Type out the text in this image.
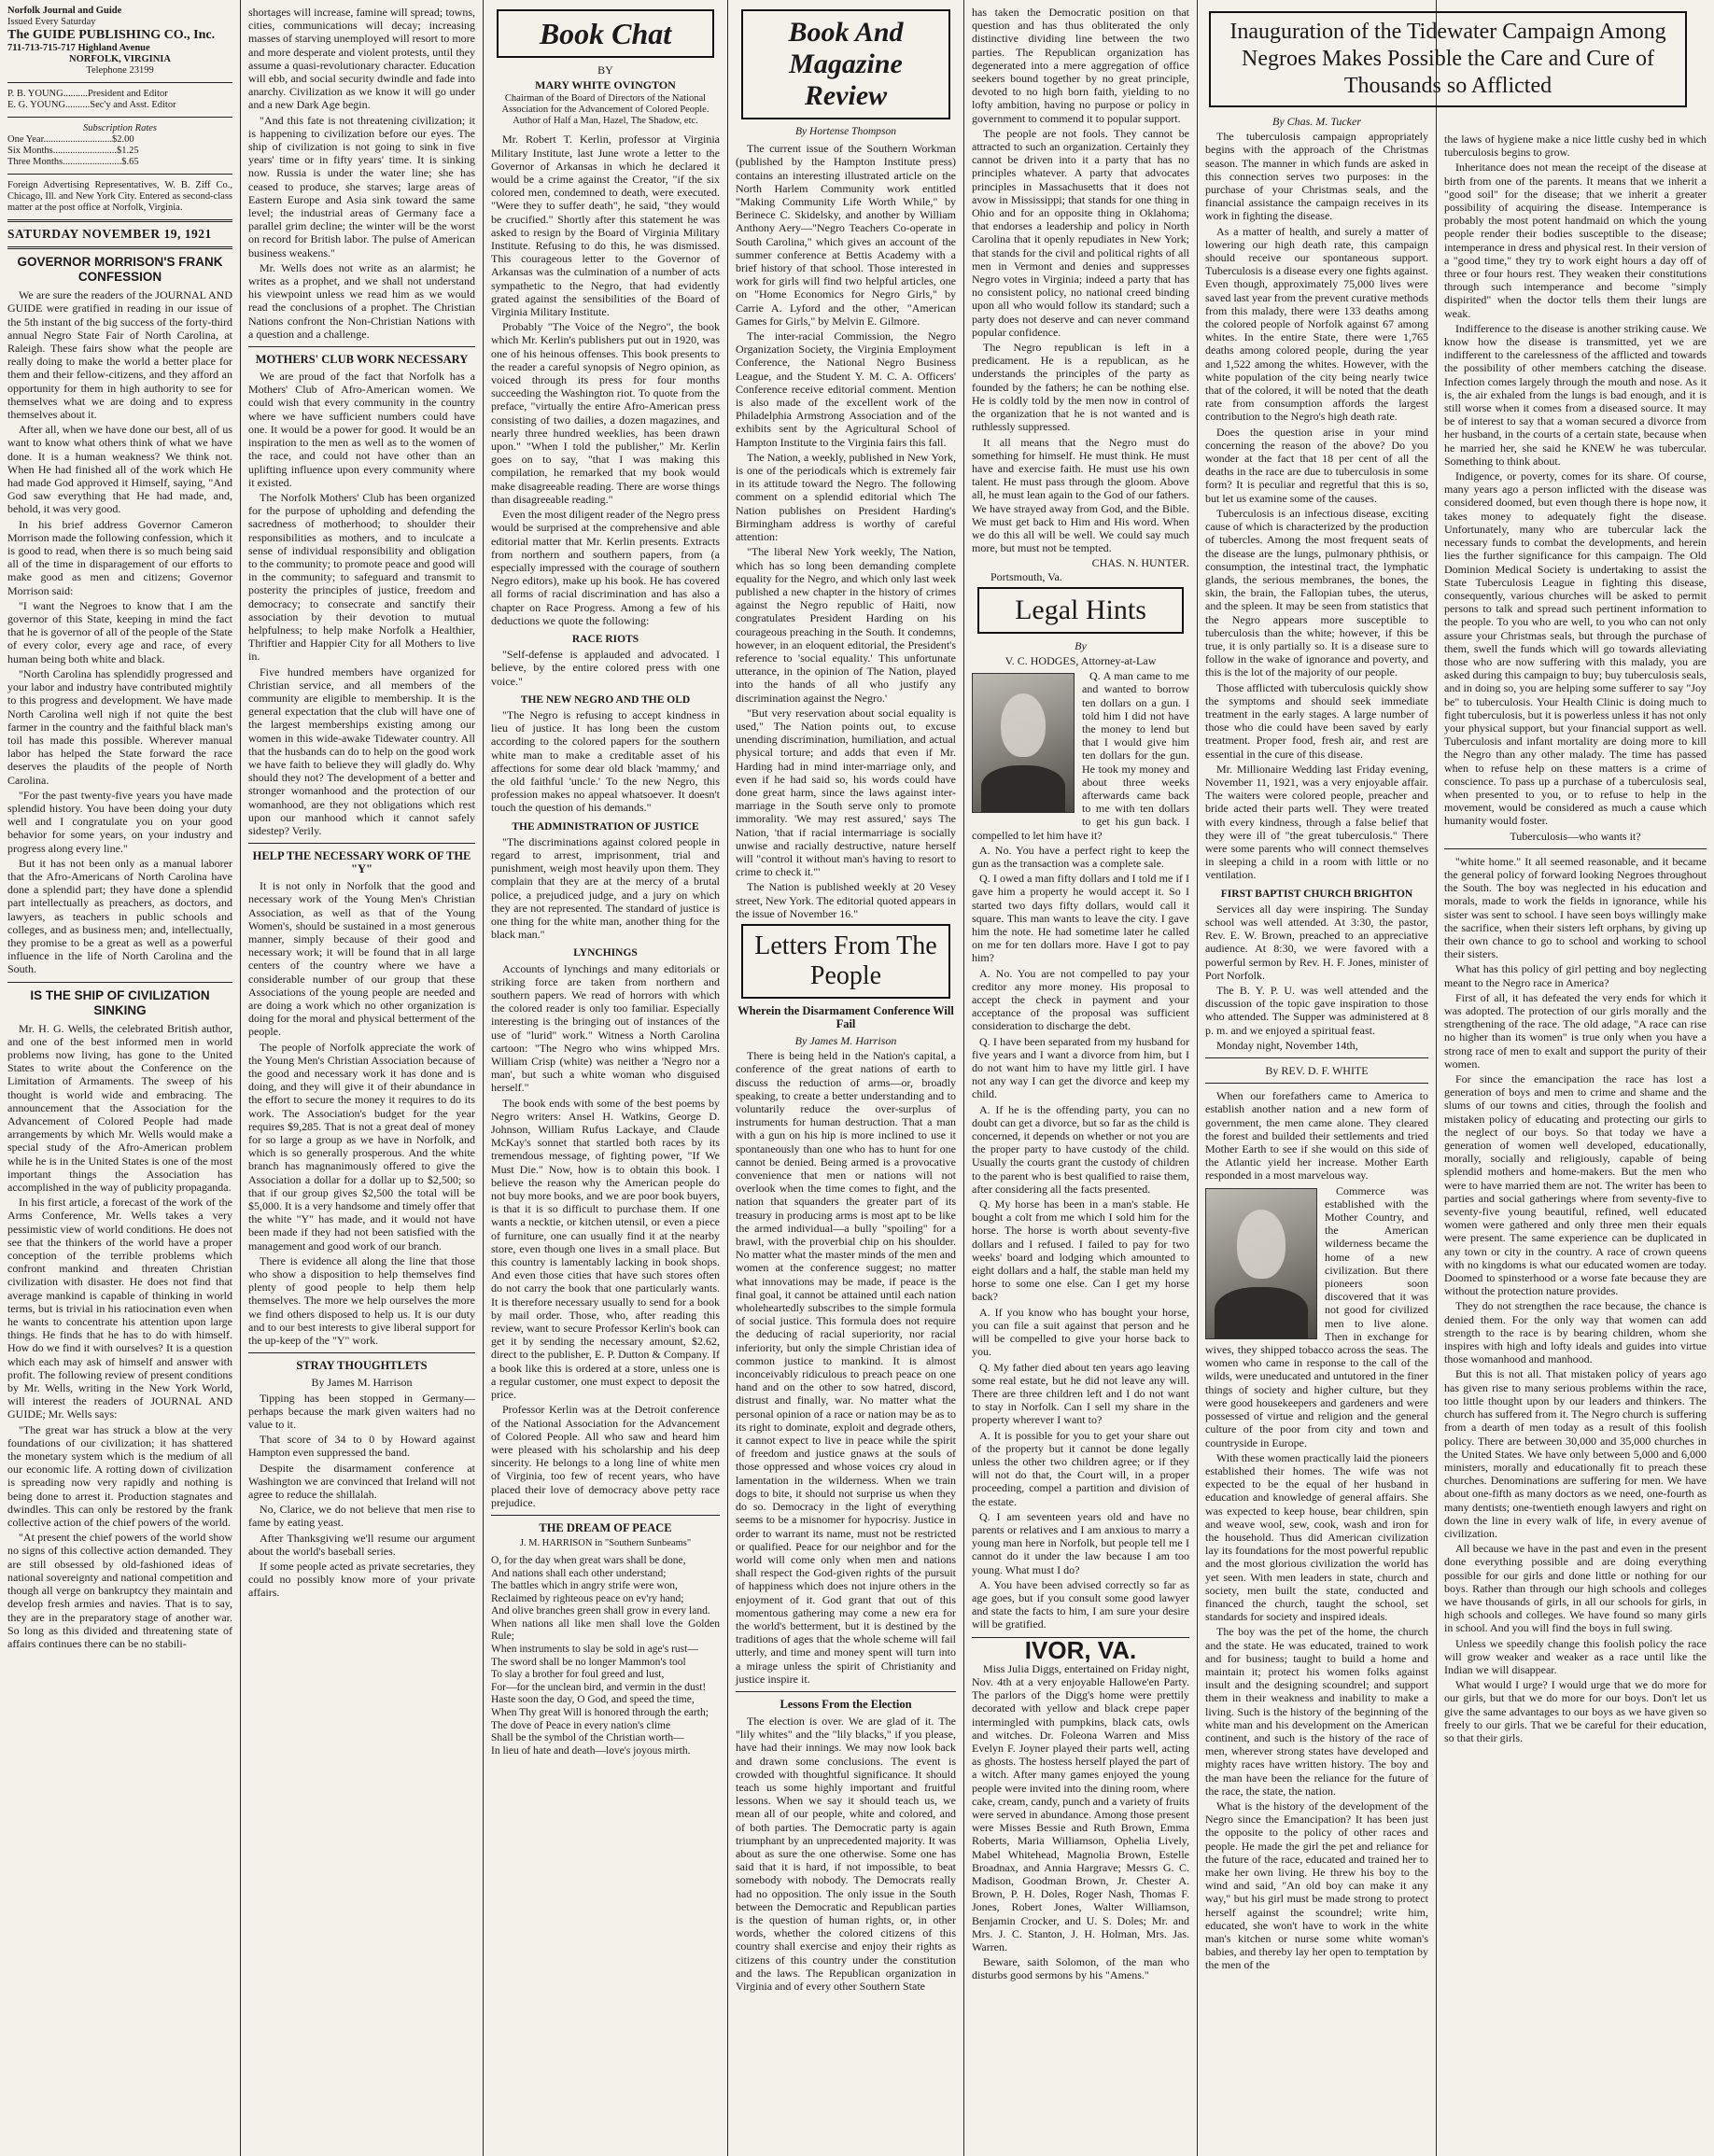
Norfolk Journal and Guide
Issued Every Saturday
The GUIDE PUBLISHING CO., Inc.
711-713-715-717 Highland Avenue
NORFOLK, VIRGINIA
Telephone 23199
P. B. YOUNG..........President and Editor
E. G. YOUNG..........Sec'y and Asst. Editor
Subscription Rates
One Year............................$2.00
Six Months..........................$1.25
Three Months........................$.65
Foreign Advertising Representatives, W. B. Ziff Co., Chicago, Ill. and New York City. Entered as second-class matter at the post office at Norfolk, Virginia.
SATURDAY NOVEMBER 19, 1921
GOVERNOR MORRISON'S FRANK CONFESSION

We are sure the readers of the JOURNAL AND GUIDE were gratified in reading in our issue of the 5th instant of the big success of the forty-third annual Negro State Fair of North Carolina, at Raleigh. These fairs show what the people are really doing to make the world a better place for them and their fellow-citizens, and they afford an opportunity for them in high authority to see for themselves what we are doing and to express themselves about it.

After all, when we have done our best, all of us want to know what others think of what we have done. It is a human weakness? We think not. When He had finished all of the work which He had made God approved it Himself, saying, "And God saw everything that He had made, and, behold, it was very good.

In his brief address Governor Cameron Morrison made the following confession, which it is good to read, when there is so much being said all of the time in disparagement of our efforts to make good as men and citizens; Governor Morrison said:

"I want the Negroes to know that I am the governor of this State, keeping in mind the fact that he is governor of all of the people of the State of every color, every age and race, of every human being both white and black.

"North Carolina has splendidly progressed and your labor and industry have contributed mightily to this progress and development. We have made North Carolina well nigh if not quite the best farmer in the country and the faithful black man's toil has made this possible. Wherever manual labor has helped the State forward the race deserves the plaudits of the people of North Carolina.

"For the past twenty-five years you have made splendid history. You have been doing your duty well and I congratulate you on your good behavior for some years, on your industry and progress along every line."

But it has not been only as a manual laborer that the Afro-Americans of North Carolina have done a splendid part; they have done a splendid part intellectually as preachers, as doctors, and lawyers, as teachers in public schools and colleges, and as business men; and, intellectually, they promise to be a great as well as a powerful influence in the life of North Carolina and the South.

IS THE SHIP OF CIVILIZATION SINKING

Mr. H. G. Wells, the celebrated British author, and one of the best informed men in world problems now living, has gone to the United States to write about the Conference on the Limitation of Armaments. The sweep of his thought is world wide and embracing. The announcement that the Association for the Advancement of Colored People had made arrangements by which Mr. Wells would make a special study of the Afro-American problem while he is in the United States is one of the most important things the Association has accomplished in the way of publicity propaganda.

In his first article, a forecast of the work of the Arms Conference, Mr. Wells takes a very pessimistic view of world conditions. He does not see that the thinkers of the world have a proper conception of the terrible problems which confront mankind and threaten Christian civilization with disaster. He does not find that average mankind is capable of thinking in world terms, but is trivial in his ratiocination even when he wants to concentrate his attention upon large things. He finds that he has to do with himself. How do we find it with ourselves? It is a question which each may ask of himself and answer with profit. The following review of present conditions by Mr. Wells, writing in the New York World, will interest the readers of JOURNAL AND GUIDE; Mr. Wells says:

"The great war has struck a blow at the very foundations of our civilization; it has shattered the monetary system which is the medium of all our economic life. A rotting down of civilization is spreading now very rapidly and nothing is being done to arrest it. Production stagnates and dwindles. This can only be restored by the frank collective action of the chief powers of the world.

"At present the chief powers of the world show no signs of this collective action demanded. They are still obsessed by old-fashioned ideas of national sovereignty and national competition and though all verge on bankruptcy they maintain and develop fresh armies and navies. That is to say, they are in the preparatory stage of another war. So long as this divided and threatening state of affairs continues there can be no stabili-

shortages will increase, famine will spread; towns, cities, communications will decay; increasing masses of starving unemployed will resort to more and more desperate and violent protests, until they assume a quasi-revolutionary character. Education will ebb, and social security dwindle and fade into anarchy. Civilization as we know it will go under and a new Dark Age begin.

"And this fate is not threatening civilization; it is happening to civilization before our eyes. The ship of civilization is not going to sink in five years' time or in fifty years' time. It is sinking now. Russia is under the water line; she has ceased to produce, she starves; large areas of Eastern Europe and Asia sink toward the same level; the industrial areas of Germany face a parallel grim decline; the winter will be the worst on record for British labor. The pulse of American business weakens."

Mr. Wells does not write as an alarmist; he writes as a prophet, and we shall not understand his viewpoint unless we read him as we would read the conclusions of a prophet. The Christian Nations confront the Non-Christian Nations with a question and a challenge.

MOTHERS' CLUB WORK NECESSARY

We are proud of the fact that Norfolk has a Mothers' Club of Afro-American women. We could wish that every community in the country where we have sufficient numbers could have one. It would be a power for good. It would be an inspiration to the men as well as to the women of the race, and could not have other than an uplifting influence upon every community where it existed.

The Norfolk Mothers' Club has been organized for the purpose of upholding and defending the sacredness of motherhood; to shoulder their responsibilities as mothers, and to inculcate a sense of individual responsibility and obligation to the community; to promote peace and good will in the community; to safeguard and transmit to posterity the principles of justice, freedom and democracy; to consecrate and sanctify their association by their devotion to mutual helpfulness; to help make Norfolk a Healthier, Thriftier and Happier City for all Mothers to live in.

Five hundred members have organized for Christian service, and all members of the community are eligible to membership. It is the general expectation that the club will have one of the largest memberships existing among our women in this wide-awake Tidewater country. All that the husbands can do to help on the good work we have faith to believe they will gladly do. Why should they not? The development of a better and stronger womanhood and the protection of our womanhood, are they not obligations which rest upon our manhood which it cannot safely sidestep? Verily.

HELP THE NECESSARY WORK OF THE "Y"

It is not only in Norfolk that the good and necessary work of the Young Men's Christian Association, as well as that of the Young Women's, should be sustained in a most generous manner, simply because of their good and necessary work; it will be found that in all large centers of the country where we have a considerable number of our group that these Associations of the young people are needed and are doing a work which no other organization is doing for the moral and physical betterment of the people.

The people of Norfolk appreciate the work of the Young Men's Christian Association because of the good and necessary work it has done and is doing, and they will give it of their abundance in the effort to secure the money it requires to do its work. The Association's budget for the year requires $9,285. That is not a great deal of money for so large a group as we have in Norfolk, and which is so generally prosperous. And the white branch has magnanimously offered to give the Association a dollar for a dollar up to $2,500; so that if our group gives $2,500 the total will be $5,000. It is a very handsome and timely offer that the white "Y" has made, and it would not have been made if they had not been satisfied with the management and good work of our branch.

There is evidence all along the line that those who show a disposition to help themselves find plenty of good people to help them help themselves. The more we help ourselves the more we find others disposed to help us. It is our duty and to our best interests to give liberal support for the up-keep of the "Y" work.

STRAY THOUGHTLETS
By James M. Harrison

Tipping has been stopped in Germany—perhaps because the mark given waiters had no value to it.

That score of 34 to 0 by Howard against Hampton even suppressed the band.

Despite the disarmament conference at Washington we are convinced that Ireland will not agree to reduce the shillalah.

No, Clarice, we do not believe that men rise to fame by eating yeast.

After Thanksgiving we'll resume our argument about the world's baseball series.

If some people acted as private secretaries, they could no possibly know more of your private affairs.

Book Chat
BY
MARY WHITE OVINGTON
Chairman of the Board of Directors of the National Association for the Advancement of Colored People. Author of Half a Man, Hazel, The Shadow, etc.

Mr. Robert T. Kerlin, professor at Virginia Military Institute, last June wrote a letter to the Governor of Arkansas in which he declared it would be a crime against the Creator, "if the six colored men, condemned to death, were executed. "Were they to suffer death", he said, "they would be crucified." Shortly after this statement he was asked to resign by the Board of Virginia Military Institute. Refusing to do this, he was dismissed. This courageous letter to the Governor of Arkansas was the culmination of a number of acts sympathetic to the Negro, that had evidently grated against the sensibilities of the Board of Virginia Military Institute.

Probably "The Voice of the Negro", the book which Mr. Kerlin's publishers put out in 1920, was one of his heinous offenses. This book presents to the reader a careful synopsis of Negro opinion, as voiced through its press for four months succeeding the Washington riot. To quote from the preface, "virtually the entire Afro-American press consisting of two dailies, a dozen magazines, and nearly three hundred weeklies, has been drawn upon." "When I told the publisher," Mr. Kerlin goes on to say, "that I was making this compilation, he remarked that my book would make disagreeable reading. There are worse things than disagreeable reading."

Even the most diligent reader of the Negro press would be surprised at the comprehensive and able editorial matter that Mr. Kerlin presents. Extracts from northern and southern papers, from (a especially impressed with the courage of southern Negro editors), make up his book. He has covered all forms of racial discrimination and has also a chapter on Race Progress. Among a few of his deductions we quote the following:

RACE RIOTS

"Self-defense is applauded and advocated. I believe, by the entire colored press with one voice."

THE NEW NEGRO AND THE OLD

"The Negro is refusing to accept kindness in lieu of justice. It has long been the custom according to the colored papers for the southern white man to make a creditable asset of his affections for some dear old black 'mammy,' and the old faithful 'uncle.' To the new Negro, this profession makes no appeal whatsoever. It doesn't touch the question of his demands."

THE ADMINISTRATION OF JUSTICE

"The discriminations against colored people in regard to arrest, imprisonment, trial and punishment, weigh most heavily upon them. They complain that they are at the mercy of a brutal police, a prejudiced judge, and a jury on which they are not represented. The standard of justice is one thing for the white man, another thing for the black man."

LYNCHINGS

Accounts of lynchings and many editorials or striking force are taken from northern and southern papers. We read of horrors with which the colored reader is only too familiar. Especially interesting is the bringing out of instances of the use of "lurid" work." Witness a North Carolina cartoon: "The Negro who wins whipped Mrs. William Crisp (white) was neither a 'Negro nor a man', but such a white woman who disguised herself."

The book ends with some of the best poems by Negro writers: Ansel H. Watkins, George D. Johnson, William Rufus Lackaye, and Claude McKay's sonnet that startled both races by its tremendous message, of fighting power, "If We Must Die." Now, how is to obtain this book. I believe the reason why the American people do not buy more books, and we are poor book buyers, is that it is so difficult to purchase them. If one wants a necktie, or kitchen utensil, or even a piece of furniture, one can usually find it at the nearby store, even though one lives in a small place. But this country is lamentably lacking in book shops. And even those cities that have such stores often do not carry the book that one particularly wants. It is therefore necessary usually to send for a book by mail order. Those, who, after reading this review, want to secure Professor Kerlin's book can get it by sending the necessary amount, $2.62, direct to the publisher, E. P. Dutton & Company. If a book like this is ordered at a store, unless one is a regular customer, one must expect to deposit the price.

Professor Kerlin was at the Detroit conference of the National Association for the Advancement of Colored People. All who saw and heard him were pleased with his scholarship and his deep sincerity. He belongs to a long line of white men of Virginia, too few of recent years, who have placed their love of democracy above petty race prejudice.

THE DREAM OF PEACE
J. M. HARRISON in "Southern Sunbeams"
O, for the day when great wars shall be done,
And nations shall each other understand;
The battles which in angry strife were won,
Reclaimed by righteous peace on ev'ry hand;
And olive branches green shall grow in every land.
When nations all like men shall love the Golden Rule;
When instruments to slay be sold in age's rust—
The sword shall be no longer Mammon's tool
To slay a brother for foul greed and lust,
For—for the unclean bird, and vermin in the dust!
Haste soon the day, O God, and speed the time,
When Thy great Will is honored through the earth;
The dove of Peace in every nation's clime
Shall be the symbol of the Christian worth—
In lieu of hate and death—love's joyous mirth.
Book And Magazine Review
By Hortense Thompson

The current issue of the Southern Workman (published by the Hampton Institute press) contains an interesting illustrated article on the North Harlem Community work entitled "Making Community Life Worth While," by Berinece C. Skidelsky, and another by William Anthony Aery—"Negro Teachers Co-operate in South Carolina," which gives an account of the summer conference at Bettis Academy with a brief history of that school. Those interested in work for girls will find two helpful articles, one on "Home Economics for Negro Girls," by Carrie A. Lyford and the other, "American Games for Girls," by Melvin E. Gilmore.

The inter-racial Commission, the Negro Organization Society, the Virginia Employment Conference, the National Negro Business League, and the Student Y. M. C. A. Officers' Conference receive editorial comment. Mention is also made of the excellent work of the Philadelphia Armstrong Association and of the exhibits sent by the Agricultural School of Hampton Institute to the Virginia fairs this fall.

The Nation, a weekly, published in New York, is one of the periodicals which is extremely fair in its attitude toward the Negro. The following comment on a splendid editorial which The Nation publishes on President Harding's Birmingham address is worthy of careful attention:

"The liberal New York weekly, The Nation, which has so long been demanding complete equality for the Negro, and which only last week published a new chapter in the history of crimes against the Negro republic of Haiti, now congratulates President Harding on his courageous preaching in the South. It condemns, however, in an eloquent editorial, the President's reference to 'social equality.' This unfortunate utterance, in the opinion of The Nation, played into the hands of all who justify any discrimination against the Negro.'

"But very reservation about social equality is used," The Nation points out, to excuse unending discrimination, humiliation, and actual physical torture; and adds that even if Mr. Harding had in mind inter-marriage only, and even if he had said so, his words could have done great harm, since the laws against inter-marriage in the South serve only to promote immorality. 'We may rest assured,' says The Nation, 'that if racial intermarriage is socially unwise and racially destructive, nature herself will "control it without man's having to resort to crime to check it."'

The Nation is published weekly at 20 Vesey street, New York. The editorial quoted appears in the issue of November 16."

Letters From The People
Wherein the Disarmament Conference Will Fail
By James M. Harrison

There is being held in the Nation's capital, a conference of the great nations of earth to discuss the reduction of arms—or, broadly speaking, to create a better understanding and to voluntarily reduce the over-surplus of instruments for human destruction. That a man with a gun on his hip is more inclined to use it spontaneously than one who has to hunt for one cannot be denied. Being armed is a provocative convenience that men or nations will not overlook when the time comes to fight, and the nation that squanders the greater part of its treasury in producing arms is most apt to be like the armed individual—a bully "spoiling" for a brawl, with the proverbial chip on his shoulder. No matter what the master minds of the men and women at the conference suggest; no matter what innovations may be made, if peace is the final goal, it cannot be attained until each nation wholeheartedly subscribes to the simple formula of social justice. This formula does not require the deducing of racial superiority, nor racial inferiority, but only the simple Christian idea of common justice to mankind. It is almost inconceivably ridiculous to preach peace on one hand and on the other to sow hatred, discord, distrust and finally, war. No matter what the personal opinion of a race or nation may be as to its right to dominate, exploit and degrade others, it cannot expect to live in peace while the spirit of freedom and justice gnaws at the souls of those oppressed and whose voices cry aloud in lamentation in the wilderness. When we train dogs to bite, it should not surprise us when they do so. Democracy in the light of everything seems to be a misnomer for hypocrisy. Justice in order to warrant its name, must not be restricted or qualified. Peace for our neighbor and for the world will come only when men and nations shall respect the God-given rights of the pursuit of happiness which does not injure others in the enjoyment of it. God grant that out of this momentous gathering may come a new era for the world's betterment, but it is destined by the traditions of ages that the whole scheme will fail utterly, and time and money spent will turn into a mirage unless the spirit of Christianity and justice inspire it.

Lessons From the Election

The election is over. We are glad of it. The "lily whites" and the "lily blacks," if you please, have had their innings. We may now look back and drawn some conclusions. The event is crowded with thoughtful significance. It should teach us some highly important and fruitful lessons. When we say it should teach us, we mean all of our people, white and colored, and of both parties. The Democratic party is again triumphant by an unprecedented majority. It was about as sure the one otherwise. Some one has said that it is hard, if not impossible, to beat somebody with nobody. The Democrats really had no opposition. The only issue in the South between the Democratic and Republican parties is the question of human rights, or, in other words, whether the colored citizens of this country shall exercise and enjoy their rights as citizens of this country under the constitution and the laws. The Republican organization in Virginia and of every other Southern State

has taken the Democratic position on that question and has thus obliterated the only distinctive dividing line between the two parties. The Republican organization has degenerated into a mere aggregation of office seekers bound together by no great principle, devoted to no high born faith, yielding to no lofty ambition, having no purpose or policy in government to commend it to popular support.

The people are not fools. They cannot be attracted to such an organization. Certainly they cannot be driven into it a party that has no principles whatever. A party that advocates principles in Massachusetts that it does not avow in Mississippi; that stands for one thing in Ohio and for an opposite thing in Oklahoma; that endorses a leadership and policy in North Carolina that it openly repudiates in New York; that stands for the civil and political rights of all men in Vermont and denies and suppresses Negro votes in Virginia; indeed a party that has no consistent policy, no national creed binding upon all who would follow its standard; such a party does not deserve and can never command popular confidence.

The Negro republican is left in a predicament. He is a republican, as he understands the principles of the party as founded by the fathers; he can be nothing else. He is coldly told by the men now in control of the organization that he is not wanted and is ruthlessly suppressed.

It all means that the Negro must do something for himself. He must think. He must have and exercise faith. He must use his own talent. He must pass through the gloom. Above all, he must lean again to the God of our fathers. We have strayed away from God, and the Bible. We must get back to Him and His word. When we do this all will be well. We could say much more, but must not be tempted.

CHAS. N. HUNTER.
Portsmouth, Va.
Legal Hints
By
V. C. HODGES, Attorney-at-Law

Q. A man came to me and wanted to borrow ten dollars on a gun. I told him I did not have the money to lend but that I would give him ten dollars for the gun. He took my money and about three weeks afterwards came back to me with ten dollars to get his gun back. I compelled to let him have it?

A. No. You have a perfect right to keep the gun as the transaction was a complete sale.

Q. I owed a man fifty dollars and I told me if I gave him a property he would accept it. So I started two days fifty dollars, would call it square. This man wants to leave the city. I gave him the note. He had sometime later he called on me for ten dollars more. Have I got to pay him?

A. No. You are not compelled to pay your creditor any more money. His proposal to accept the check in payment and your acceptance of the proposal was sufficient consideration to discharge the debt.

Q. I have been separated from my husband for five years and I want a divorce from him, but I do not want him to have my little girl. I have not any way I can get the divorce and keep my child.

A. If he is the offending party, you can no doubt can get a divorce, but so far as the child is concerned, it depends on whether or not you are the proper party to have custody of the child. Usually the courts grant the custody of children to the parent who is best qualified to raise them, after considering all the facts presented.

Q. My horse has been in a man's stable. He bought a colt from me which I sold him for the horse. The horse is worth about seventy-five dollars and I refused. I failed to pay for two weeks' board and lodging which amounted to eight dollars and a half, the stable man held my horse to some one else. Can I get my horse back?

A. If you know who has bought your horse, you can file a suit against that person and he will be compelled to give your horse back to you.

Q. My father died about ten years ago leaving some real estate, but he did not leave any will. There are three children left and I do not want to stay in Norfolk. Can I sell my share in the property wherever I want to?

A. It is possible for you to get your share out of the property but it cannot be done legally unless the other two children agree; or if they will not do that, the Court will, in a proper proceeding, compel a partition and division of the estate.

Q. I am seventeen years old and have no parents or relatives and I am anxious to marry a young man here in Norfolk, but people tell me I cannot do it under the law because I am too young. What must I do?

A. You have been advised correctly so far as age goes, but if you consult some good lawyer and state the facts to him, I am sure your desire will be gratified.

IVOR, VA.

Miss Julia Diggs, entertained on Friday night, Nov. 4th at a very enjoyable Hallowe'en Party. The parlors of the Digg's home were prettily decorated with yellow and black crepe paper intermingled with pumpkins, black cats, owls and witches. Dr. Foleona Warren and Miss Evelyn F. Joyner played their parts well, acting as ghosts. The hostess herself played the part of a witch. After many games enjoyed the young people were invited into the dining room, where cake, cream, candy, punch and a variety of fruits were served in abundance. Among those present were Misses Bessie and Ruth Brown, Emma Roberts, Maria Williamson, Ophelia Lively, Mabel Whitehead, Magnolia Brown, Estelle Broadnax, and Annia Hargrave; Messrs G. C. Madison, Goodman Brown, Jr. Chester A. Brown, P. H. Doles, Roger Nash, Thomas F. Jones, Robert Jones, Walter Williamson, Benjamin Crocker, and U. S. Doles; Mr. and Mrs. J. C. Stanton, J. H. Holman, Mrs. Jas. Warren.

Beware, saith Solomon, of the man who disturbs good sermons by his "Amens."

Inauguration of the Tidewater Campaign Among Negroes Makes Possible the Care and Cure of Thousands so Afflicted
By Chas. M. Tucker

The tuberculosis campaign appropriately begins with the approach of the Christmas season. The manner in which funds are asked in this connection serves two purposes: in the purchase of your Christmas seals, and the financial assistance the campaign receives in its work in fighting the disease.

As a matter of health, and surely a matter of lowering our high death rate, this campaign should receive our spontaneous support. Tuberculosis is a disease every one fights against. Even though, approximately 75,000 lives were saved last year from the prevent curative methods from this malady, there were 133 deaths among the colored people of Norfolk against 67 among whites. In the entire State, there were 1,765 deaths among colored people, during the year and 1,522 among the whites. However, with the white population of the city being nearly twice that of the colored, it will be noted that the death rate from consumption affords the largest contribution to the Negro's high death rate.

Does the question arise in your mind concerning the reason of the above? Do you wonder at the fact that 18 per cent of all the deaths in the race are due to tuberculosis in some form? It is peculiar and regretful that this is so, but let us examine some of the causes.

Tuberculosis is an infectious disease, exciting cause of which is characterized by the production of tubercles. Among the most frequent seats of the disease are the lungs, pulmonary phthisis, or consumption, the intestinal tract, the lymphatic glands, the serious membranes, the bones, the skin, the brain, the Fallopian tubes, the uterus, and the spleen. It may be seen from statistics that the Negro appears more susceptible to tuberculosis than the white; however, if this be true, it is only partially so. It is a disease sure to follow in the wake of ignorance and poverty, and this is the lot of the majority of our people.

Those afflicted with tuberculosis quickly show the symptoms and should seek immediate treatment in the early stages. A large number of those who die could have been saved by early treatment. Proper food, fresh air, and rest are essential in the cure of this disease.

Mr. Millionaire Wedding last Friday evening, November 11, 1921, was a very enjoyable affair. The waiters were colored people, preacher and bride acted their parts well. They were treated with every kindness, through a false belief that they were ill of "the great tuberculosis." There were some parents who will connect themselves in sleeping a child in a room with little or no ventilation.

FIRST BAPTIST CHURCH BRIGHTON

Services all day were inspiring. The Sunday school was well attended. At 3:30, the pastor, Rev. E. W. Brown, preached to an appreciative audience. At 8:30, we were favored with a powerful sermon by Rev. H. F. Jones, minister of Port Norfolk.

The B. Y. P. U. was well attended and the discussion of the topic gave inspiration to those who attended. The Supper was administered at 8 p. m. and we enjoyed a spiritual feast.

Monday night, November 14th,

By REV. D. F. WHITE

When our forefathers came to America to establish another nation and a new form of government, the men came alone. They cleared the forest and builded their settlements and tried Mother Earth to see if she would on this side of the Atlantic yield her increase. Mother Earth responded in a most marvelous way.

Commerce was established with the Mother Country, and the American wilderness became the home of a new civilization. But there pioneers soon discovered that it was not good for civilized men to live alone. Then in exchange for wives, they shipped tobacco across the seas. The women who came in response to the call of the wilds, were uneducated and untutored in the finer things of society and higher culture, but they were good housekeepers and gardeners and were possessed of virtue and religion and the general culture of the poor from city and town and countryside in Europe.

With these women practically laid the pioneers established their homes. The wife was not expected to be the equal of her husband in education and knowledge of general affairs. She was expected to keep house, bear children, spin and weave wool, sew, cook, wash and iron for the household. Thus did American civilization lay its foundations for the most powerful republic and the most glorious civilization the world has yet seen. With men leaders in state, church and society, men built the state, conducted and financed the church, taught the school, set standards for society and inspired ideals.

The boy was the pet of the home, the church and the state. He was educated, trained to work and for business; taught to build a home and maintain it; protect his women folks against insult and the designing scoundrel; and support them in their weakness and inability to make a living. Such is the history of the beginning of the white man and his development on the American continent, and such is the history of the race of men, wherever strong states have developed and mighty races have written history. The boy and the man have been the reliance for the future of the race, the state, the nation.

What is the history of the development of the Negro since the Emancipation? It has been just the opposite to the policy of other races and people. He made the girl the pet and reliance for the future of the race, educated and trained her to make her own living. He threw his boy to the wind and said, "An old boy can make it any way," but his girl must be made strong to protect herself against the scoundrel; write him, educated, she won't have to work in the white man's kitchen or nurse some white woman's babies, and thereby lay her open to temptation by the men of the

the laws of hygiene make a nice little cushy bed in which tuberculosis begins to grow.

Inheritance does not mean the receipt of the disease at birth from one of the parents. It means that we inherit a "good soil" for the disease; that we inherit a greater possibility of acquiring the disease. Intemperance is probably the most potent handmaid on which the young people render their bodies susceptible to the disease; intemperance in dress and physical rest. In their version of a "good time," they try to work eight hours a day off of three or four hours rest. They weaken their constitutions through such intemperance and become "simply dispirited" when the doctor tells them their lungs are weak.

Indifference to the disease is another striking cause. We know how the disease is transmitted, yet we are indifferent to the carelessness of the afflicted and towards the possibility of other members catching the disease. Infection comes largely through the mouth and nose. As it is, the air exhaled from the lungs is bad enough, and it is still worse when it comes from a diseased source. It may be of interest to say that a woman secured a divorce from her husband, in the courts of a certain state, because when he married her, she said he KNEW he was tubercular. Something to think about.

Indigence, or poverty, comes for its share. Of course, many years ago a person inflicted with the disease was considered doomed, but even though there is hope now, it takes money to adequately fight the disease. Unfortunately, many who are tubercular lack the necessary funds to combat the developments, and herein lies the further significance for this campaign. The Old Dominion Medical Society is undertaking to assist the State Tuberculosis League in fighting this disease, consequently, various churches will be asked to permit persons to talk and spread such pertinent information to the people. To you who are well, to you who can not only assure your Christmas seals, but through the purchase of them, swell the funds which will go towards alleviating those who are now suffering with this malady, you are asked during this campaign to buy; buy tuberculosis seals, and in doing so, you are helping some sufferer to say "Joy be" to tuberculosis. Your Health Clinic is doing much to fight tuberculosis, but it is powerless unless it has not only your physical support, but your financial support as well. Tuberculosis and infant mortality are doing more to kill the Negro than any other malady. The time has passed when to refuse help on these matters is a crime of conscience. To pass up a purchase of a tuberculosis seal, when presented to you, or to refuse to help in the movement, would be considered as much a cause which humanity would foster.

Tuberculosis—who wants it?

"white home." It all seemed reasonable, and it became the general policy of forward looking Negroes throughout the South. The boy was neglected in his education and morals, made to work the fields in ignorance, while his sister was sent to school. I have seen boys willingly make the sacrifice, when their sisters left orphans, by giving up their own chance to go to school and working to school their sisters.

What has this policy of girl petting and boy neglecting meant to the Negro race in America?

First of all, it has defeated the very ends for which it was adopted. The protection of our girls morally and the strengthening of the race. The old adage, "A race can rise no higher than its women" is true only when you have a strong race of men to exalt and support the purity of their women.

For since the emancipation the race has lost a generation of boys and men to crime and shame and the slums of our towns and cities, through the foolish and mistaken policy of educating and protecting our girls to the neglect of our boys. So that today we have a generation of women well developed, educationally, morally, socially and religiously, capable of being splendid mothers and home-makers. But the men who were to have married them are not. The writer has been to parties and social gatherings where from seventy-five to seventy-five young beautiful, refined, well educated women were gathered and only three men their equals were present. The same experience can be duplicated in any town or city in the country. A race of crown queens with no kingdoms is what our educated women are today. Doomed to spinsterhood or a worse fate because they are without the protection nature provides.

They do not strengthen the race because, the chance is denied them. For the only way that women can add strength to the race is by bearing children, whom she inspires with high and lofty ideals and guides into virtue those womanhood and manhood.

But this is not all. That mistaken policy of years ago has given rise to many serious problems within the race, too little thought upon by our leaders and thinkers. The church has suffered from it. The Negro church is suffering from a dearth of men today as a result of this foolish policy. There are between 30,000 and 35,000 churches in the United States. We have only between 5,000 and 6,000 ministers, morally and educationally fit to preach these churches. Denominations are suffering for men. We have about one-fifth as many doctors as we need, one-fourth as many dentists; one-twentieth enough lawyers and right on down the line in every walk of life, in every avenue of civilization.

All because we have in the past and even in the present done everything possible and are doing everything possible for our girls and done little or nothing for our boys. Rather than through our high schools and colleges we have thousands of girls, in all our schools for girls, in high schools and colleges. We have found so many girls in school. And you will find the boys in full swing.

Unless we speedily change this foolish policy the race will grow weaker and weaker as a race until like the Indian we will disappear.

What would I urge? I would urge that we do more for our girls, but that we do more for our boys. Don't let us give the same advantages to our boys as we have given so freely to our girls. That we be careful for their education, so that their girls.
